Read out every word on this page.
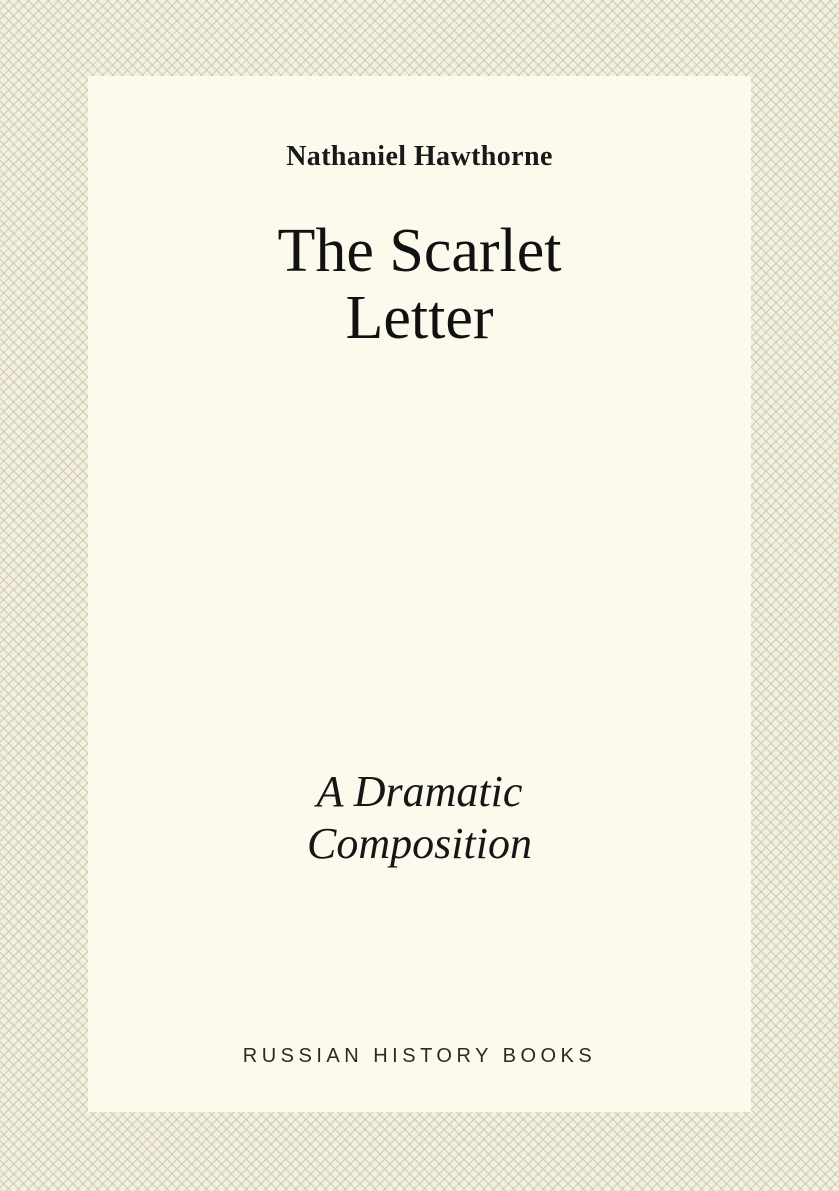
Nathaniel Hawthorne
The Scarlet
Letter
A Dramatic
Composition
RUSSIAN HISTORY BOOKS
